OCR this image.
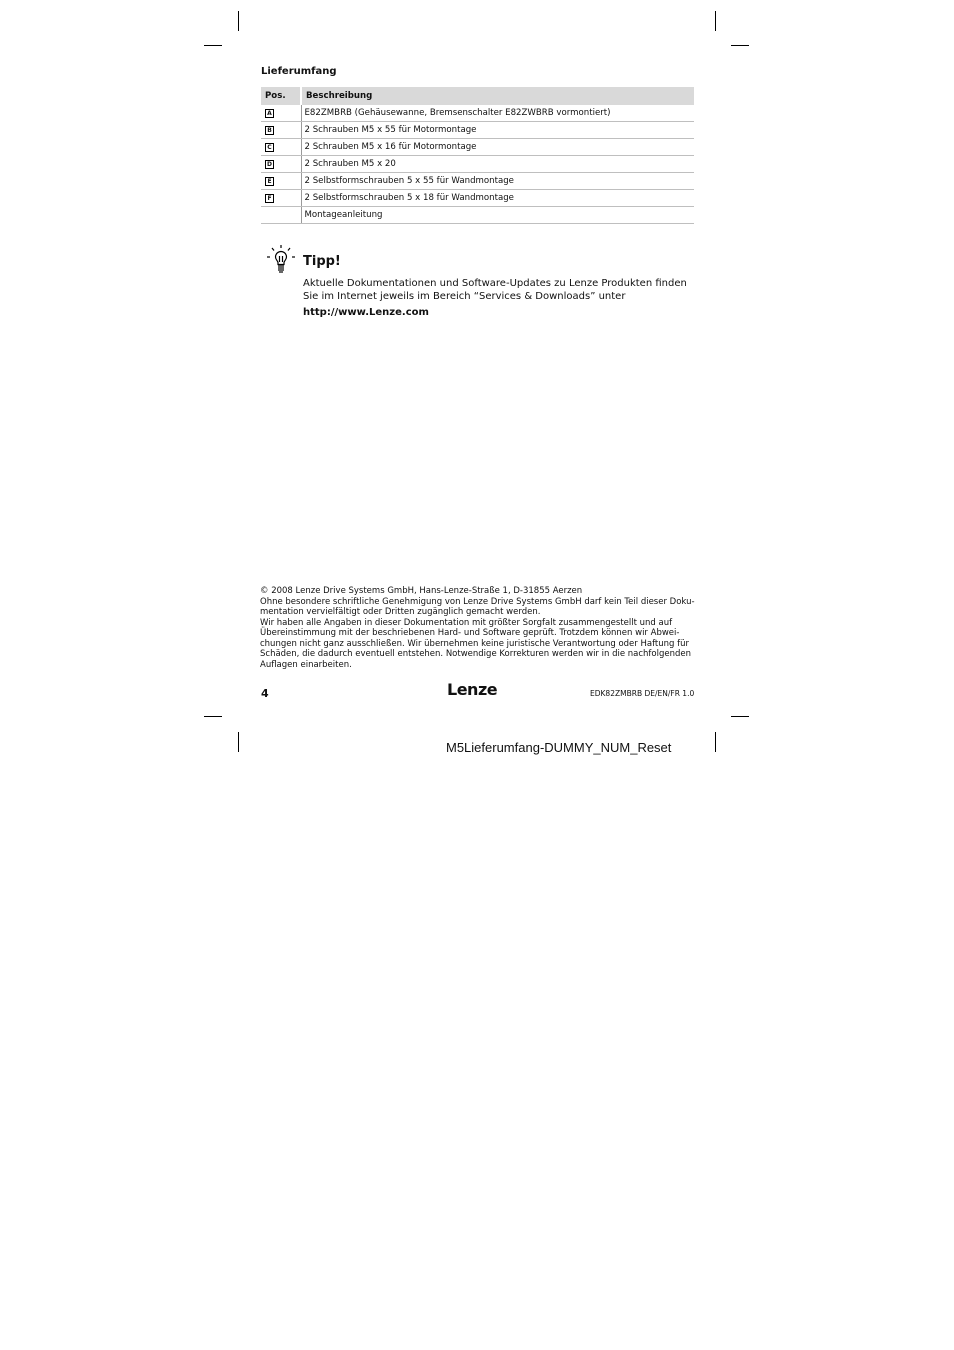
Lieferumfang
Pos.	Beschreibung
A	E82ZMBRB (Gehäusewanne, Bremsenschalter E82ZWBRB vormontiert)
B	2 Schrauben M5 x 55 für Motormontage
C	2 Schrauben M5 x 16 für Motormontage
D	2 Schrauben M5 x 20
E	2 Selbstformschrauben 5 x 55 für Wandmontage
F	2 Selbstformschrauben 5 x 18 für Wandmontage
	Montageanleitung
Tipp!
Aktuelle Dokumentationen und Software-Updates zu Lenze Produkten finden
Sie im Internet jeweils im Bereich “Services & Downloads” unter
http://www.Lenze.com
© 2008 Lenze Drive Systems GmbH, Hans-Lenze-Straße 1, D-31855 Aerzen
Ohne besondere schriftliche Genehmigung von Lenze Drive Systems GmbH darf kein Teil dieser Doku-
mentation vervielfältigt oder Dritten zugänglich gemacht werden.
Wir haben alle Angaben in dieser Dokumentation mit größter Sorgfalt zusammengestellt und auf
Übereinstimmung mit der beschriebenen Hard- und Software geprüft. Trotzdem können wir Abwei-
chungen nicht ganz ausschließen. Wir übernehmen keine juristische Verantwortung oder Haftung für
Schäden, die dadurch eventuell entstehen. Notwendige Korrekturen werden wir in die nachfolgenden
Auflagen einarbeiten.
4	Lenze	EDK82ZMBRB DE/EN/FR 1.0
M5Lieferumfang-DUMMY_NUM_Reset
